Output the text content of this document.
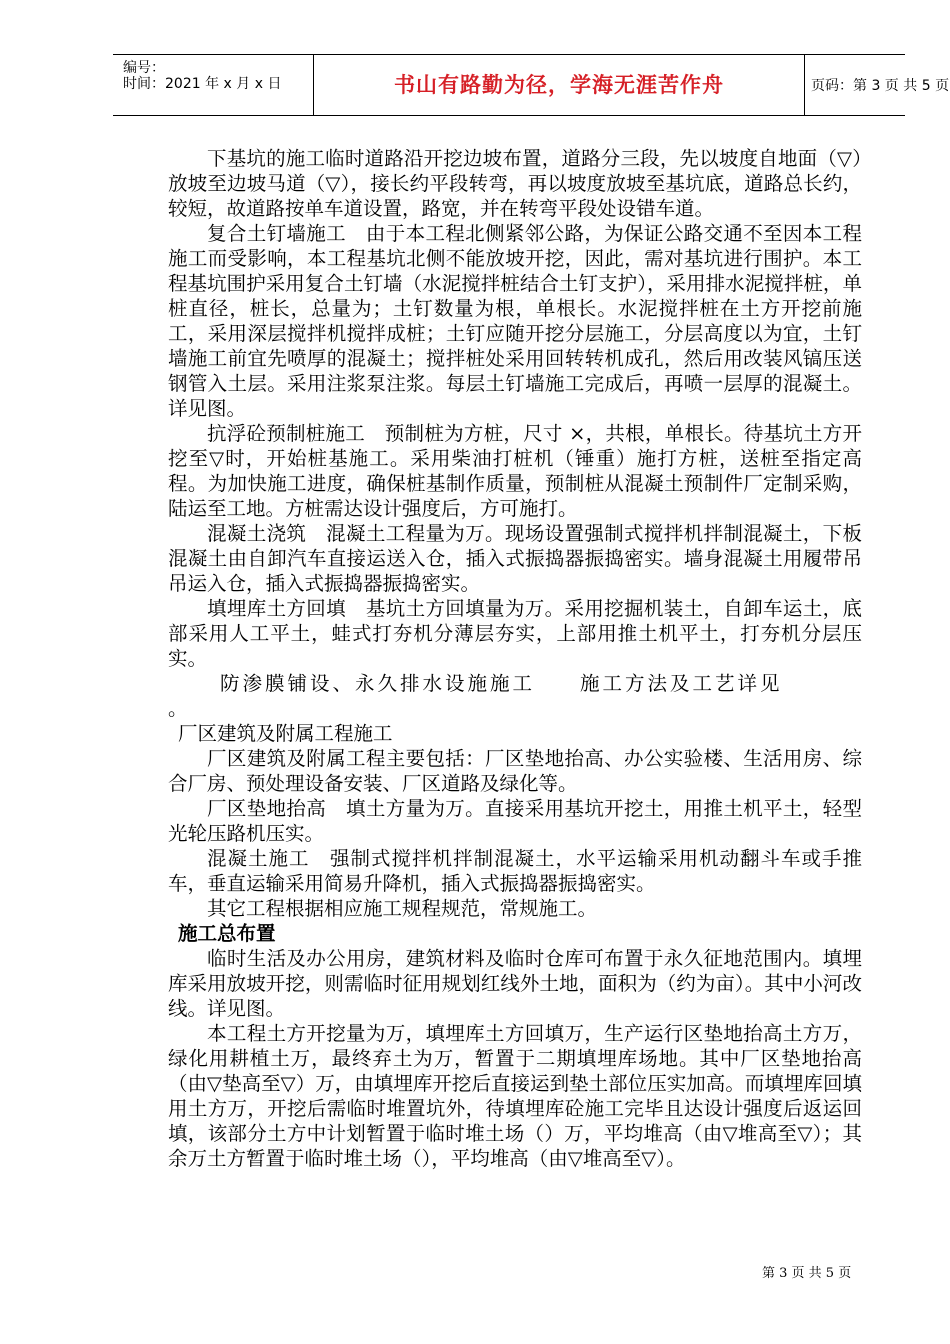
编号：
时间：2021 年 x 月 x 日	书山有路勤为径，学海无涯苦作舟	页码：第 3 页 共 5 页

下基坑的施工临时道路沿开挖边坡布置，道路分三段，先以坡度自地面（▽）放坡至边坡马道（▽），接长约平段转弯，再以坡度放坡至基坑底，道路总长约，较短，故道路按单车道设置，路宽，并在转弯平段处设错车道。

复合土钉墙施工　由于本工程北侧紧邻公路，为保证公路交通不至因本工程施工而受影响，本工程基坑北侧不能放坡开挖，因此，需对基坑进行围护。本工程基坑围护采用复合土钉墙（水泥搅拌桩结合土钉支护），采用排水泥搅拌桩，单桩直径，桩长，总量为；土钉数量为根，单根长。水泥搅拌桩在土方开挖前施工，采用深层搅拌机搅拌成桩；土钉应随开挖分层施工，分层高度以为宜，土钉墙施工前宜先喷厚的混凝土；搅拌桩处采用回转转机成孔，然后用改装风镐压送钢管入土层。采用注浆泵注浆。每层土钉墙施工完成后，再喷一层厚的混凝土。详见图。

抗浮砼预制桩施工　预制桩为方桩，尺寸 ×，共根，单根长。待基坑土方开挖至▽时，开始桩基施工。采用柴油打桩机（锤重）施打方桩，送桩至指定高程。为加快施工进度，确保桩基制作质量，预制桩从混凝土预制件厂定制采购，陆运至工地。方桩需达设计强度后，方可施打。

混凝土浇筑　混凝土工程量为万。现场设置强制式搅拌机拌制混凝土，下板混凝土由自卸汽车直接运送入仓，插入式振捣器振捣密实。墙身混凝土用履带吊吊运入仓，插入式振捣器振捣密实。

填埋库土方回填　基坑土方回填量为万。采用挖掘机装土，自卸车运土，底部采用人工平土，蛙式打夯机分薄层夯实，上部用推土机平土，打夯机分层压实。

防渗膜铺设、永久排水设施施工　　施工方法及工艺详见

。

厂区建筑及附属工程施工

厂区建筑及附属工程主要包括：厂区垫地抬高、办公实验楼、生活用房、综合厂房、预处理设备安装、厂区道路及绿化等。

厂区垫地抬高　填土方量为万。直接采用基坑开挖土，用推土机平土，轻型光轮压路机压实。

混凝土施工　强制式搅拌机拌制混凝土，水平运输采用机动翻斗车或手推车，垂直运输采用简易升降机，插入式振捣器振捣密实。

其它工程根据相应施工规程规范，常规施工。

施工总布置

临时生活及办公用房，建筑材料及临时仓库可布置于永久征地范围内。填埋库采用放坡开挖，则需临时征用规划红线外土地，面积为（约为亩）。其中小河改线。详见图。

本工程土方开挖量为万，填埋库土方回填万，生产运行区垫地抬高土方万，绿化用耕植土万，最终弃土为万，暂置于二期填埋库场地。其中厂区垫地抬高（由▽垫高至▽）万，由填埋库开挖后直接运到垫土部位压实加高。而填埋库回填用土方万，开挖后需临时堆置坑外，待填埋库砼施工完毕且达设计强度后返运回填，该部分土方中计划暂置于临时堆土场（）万，平均堆高（由▽堆高至▽）；其余万土方暂置于临时堆土场（），平均堆高（由▽堆高至▽）。

第 3 页 共 5 页
